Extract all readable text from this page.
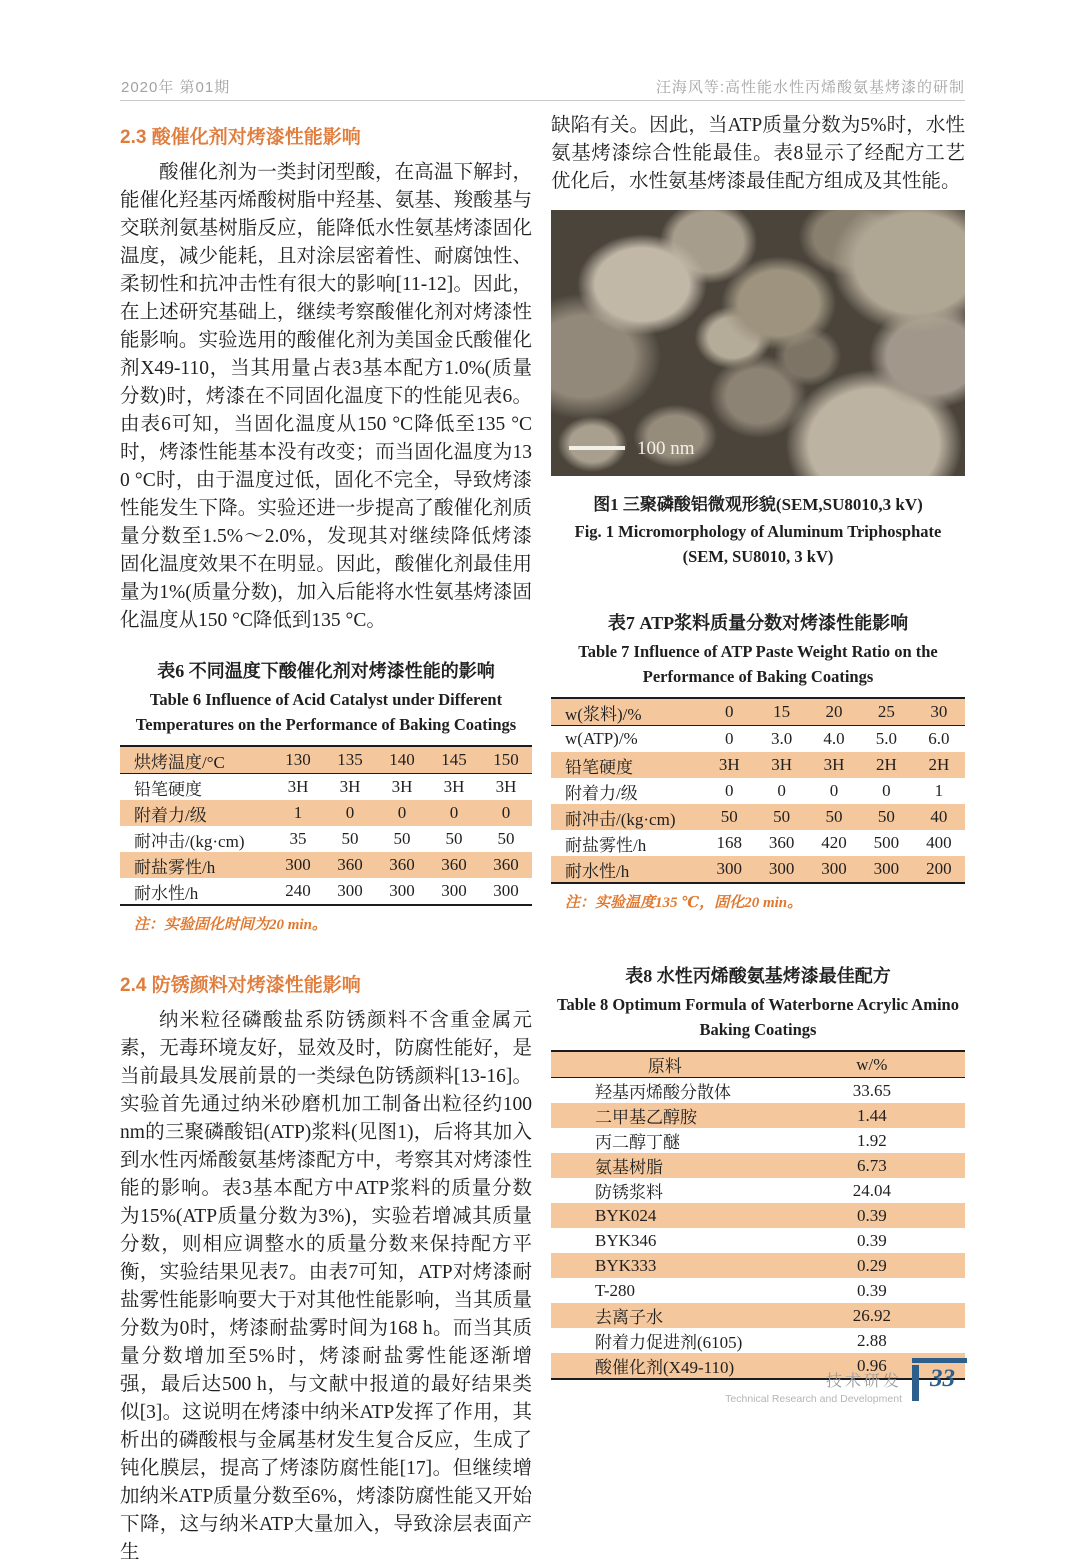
2020年 第01期	汪海风等:高性能水性丙烯酸氨基烤漆的研制
2.3 酸催化剂对烤漆性能影响

酸催化剂为一类封闭型酸，在高温下解封，能催化羟基丙烯酸树脂中羟基、氨基、羧酸基与交联剂氨基树脂反应，能降低水性氨基烤漆固化温度，减少能耗，且对涂层密着性、耐腐蚀性、柔韧性和抗冲击性有很大的影响[11-12]。因此，在上述研究基础上，继续考察酸催化剂对烤漆性能影响。实验选用的酸催化剂为美国金氏酸催化剂X49-110，当其用量占表3基本配方1.0%(质量分数)时，烤漆在不同固化温度下的性能见表6。由表6可知，当固化温度从150 °C降低至135 °C时，烤漆性能基本没有改变；而当固化温度为130 °C时，由于温度过低，固化不完全，导致烤漆性能发生下降。实验还进一步提高了酸催化剂质量分数至1.5%～2.0%，发现其对继续降低烤漆固化温度效果不在明显。因此，酸催化剂最佳用量为1%(质量分数)，加入后能将水性氨基烤漆固化温度从150 °C降低到135 °C。

表6 不同温度下酸催化剂对烤漆性能的影响
Table 6 Influence of Acid Catalyst under Different
Temperatures on the Performance of Baking Coatings
烘烤温度/°C	130	135	140	145	150
铅笔硬度	3H	3H	3H	3H	3H
附着力/级	1	0	0	0	0
耐冲击/(kg·cm)	35	50	50	50	50
耐盐雾性/h	300	360	360	360	360
耐水性/h	240	300	300	300	300
注：实验固化时间为20 min。
2.4 防锈颜料对烤漆性能影响

纳米粒径磷酸盐系防锈颜料不含重金属元素，无毒环境友好，显效及时，防腐性能好，是当前最具发展前景的一类绿色防锈颜料[13-16]。实验首先通过纳米砂磨机加工制备出粒径约100 nm的三聚磷酸铝(ATP)浆料(见图1)，后将其加入到水性丙烯酸氨基烤漆配方中，考察其对烤漆性能的影响。表3基本配方中ATP浆料的质量分数为15%(ATP质量分数为3%)，实验若增减其质量分数，则相应调整水的质量分数来保持配方平衡，实验结果见表7。由表7可知，ATP对烤漆耐盐雾性能影响要大于对其他性能影响，当其质量分数为0时，烤漆耐盐雾时间为168 h。而当其质量分数增加至5%时，烤漆耐盐雾性能逐渐增强，最后达500 h，与文献中报道的最好结果类似[3]。这说明在烤漆中纳米ATP发挥了作用，其析出的磷酸根与金属基材发生复合反应，生成了钝化膜层，提高了烤漆防腐性能[17]。但继续增加纳米ATP质量分数至6%，烤漆防腐性能又开始下降，这与纳米ATP大量加入，导致涂层表面产生

缺陷有关。因此，当ATP质量分数为5%时，水性氨基烤漆综合性能最佳。表8显示了经配方工艺优化后，水性氨基烤漆最佳配方组成及其性能。

100 nm
图1 三聚磷酸铝微观形貌(SEM,SU8010,3 kV)
Fig. 1 Micromorphology of Aluminum Triphosphate
(SEM, SU8010, 3 kV)
表7 ATP浆料质量分数对烤漆性能影响
Table 7 Influence of ATP Paste Weight Ratio on the
Performance of Baking Coatings
w(浆料)/%	0	15	20	25	30
w(ATP)/%	0	3.0	4.0	5.0	6.0
铅笔硬度	3H	3H	3H	2H	2H
附着力/级	0	0	0	0	1
耐冲击/(kg·cm)	50	50	50	50	40
耐盐雾性/h	168	360	420	500	400
耐水性/h	300	300	300	300	200
注：实验温度135 ℃，固化20 min。
表8 水性丙烯酸氨基烤漆最佳配方
Table 8 Optimum Formula of Waterborne Acrylic Amino
Baking Coatings
原料	w/%
羟基丙烯酸分散体	33.65
二甲基乙醇胺	1.44
丙二醇丁醚	1.92
氨基树脂	6.73
防锈浆料	24.04
BYK024	0.39
BYK346	0.39
BYK333	0.29
T-280	0.39
去离子水	26.92
附着力促进剂(6105)	2.88
酸催化剂(X49-110)	0.96
技术研发
Technical Research and Development
33
